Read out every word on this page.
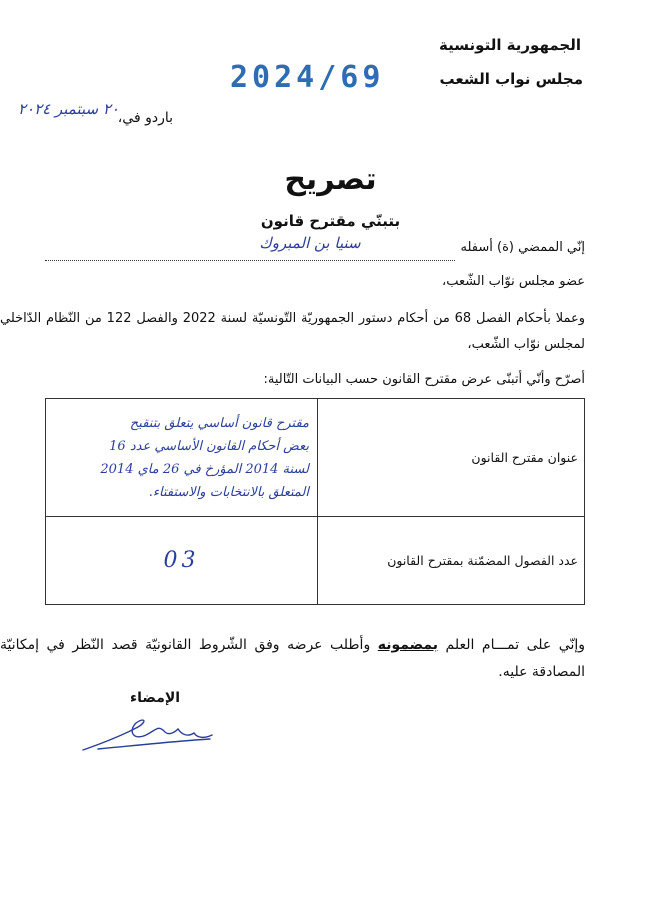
الجمهورية التونسية
مجلس نواب الشعب
2024/69
باردو في،
٢٠ سبتمبر ٢٠٢٤
تصريح
بتبنّي مقترح قانون
إنّي الممضي (ة) أسفله
سنيا بن المبروك
عضو مجلس نوّاب الشّعب،
وعملا بأحكام الفصل 68 من أحكام دستور الجمهوريّة التّونسيّة لسنة 2022 والفصل 122 من النّظام الدّاخلي لمجلس نوّاب الشّعب،
أصرّح وأنّي أتبنّى عرض مقترح القانون حسب البيانات التّالية:
عنوان مقترح القانون	مقترح قانون أساسي يتعلق بتنقيح
بعض أحكام القانون الأساسي عدد 16
لسنة 2014 المؤرخ في 26 ماي 2014
المتعلق بالانتخابات والاستفتاء.

عدد الفصول المضمّنة بمقترح القانون	03
وإنّي على تمـــام العلم بمضمونه وأطلب عرضه وفق الشّروط القانونيّة قصد النّظر في إمكانيّة المصادقة عليه.
الإمضاء
